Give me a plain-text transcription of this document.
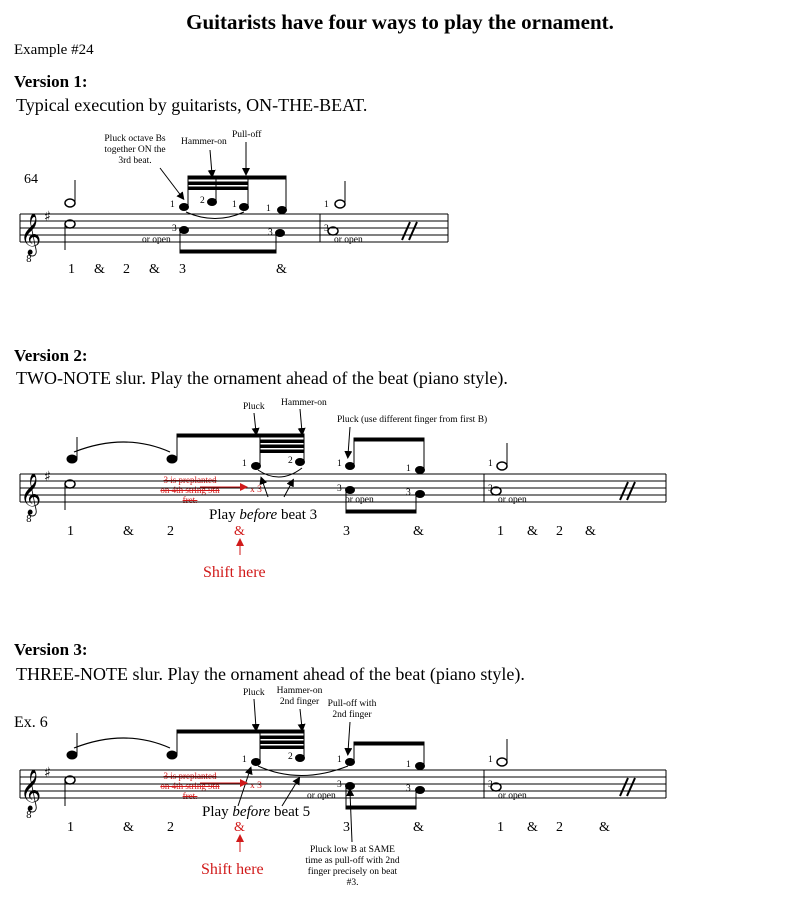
Guitarists have four ways to play the ornament.
Example #24
Version 1:
Typical execution by guitarists, ON-THE-BEAT.
64
Pluck octave Bs together ON the 3rd beat.
Hammer-on
Pull-off
or open	or open
1	2	1	1
3	3
1
3
1 & 2 & 3	&
Version 2:
TWO-NOTE slur. Play the ornament ahead of the beat (piano style).
Pluck Hammer-on
Pluck (use different finger from first B)
3 is preplanted on 4th string 9th fret.
x 3
or open	or open
Play before beat 3
1	2	1	1
3	3
1
3
1	& 2	3	&	1 & 2 &
&
Shift here
Version 3:
THREE-NOTE slur. Play the ornament ahead of the beat (piano style).
Ex. 6
Pluck	Hammer-on 2nd finger Pull-off with 2nd finger
3 is preplanted on 4th string 9th fret.
x 3
or open	or open
Play before beat 5
1	2	1	1
3	3
1
3
1	& 2	3	&	1 & 2	&
&
Shift here
Pluck low B at SAME time as pull-off with 2nd finger precisely on beat #3.
𝄞
8
♯
𝄞
8
♯
𝄞
8
♯
